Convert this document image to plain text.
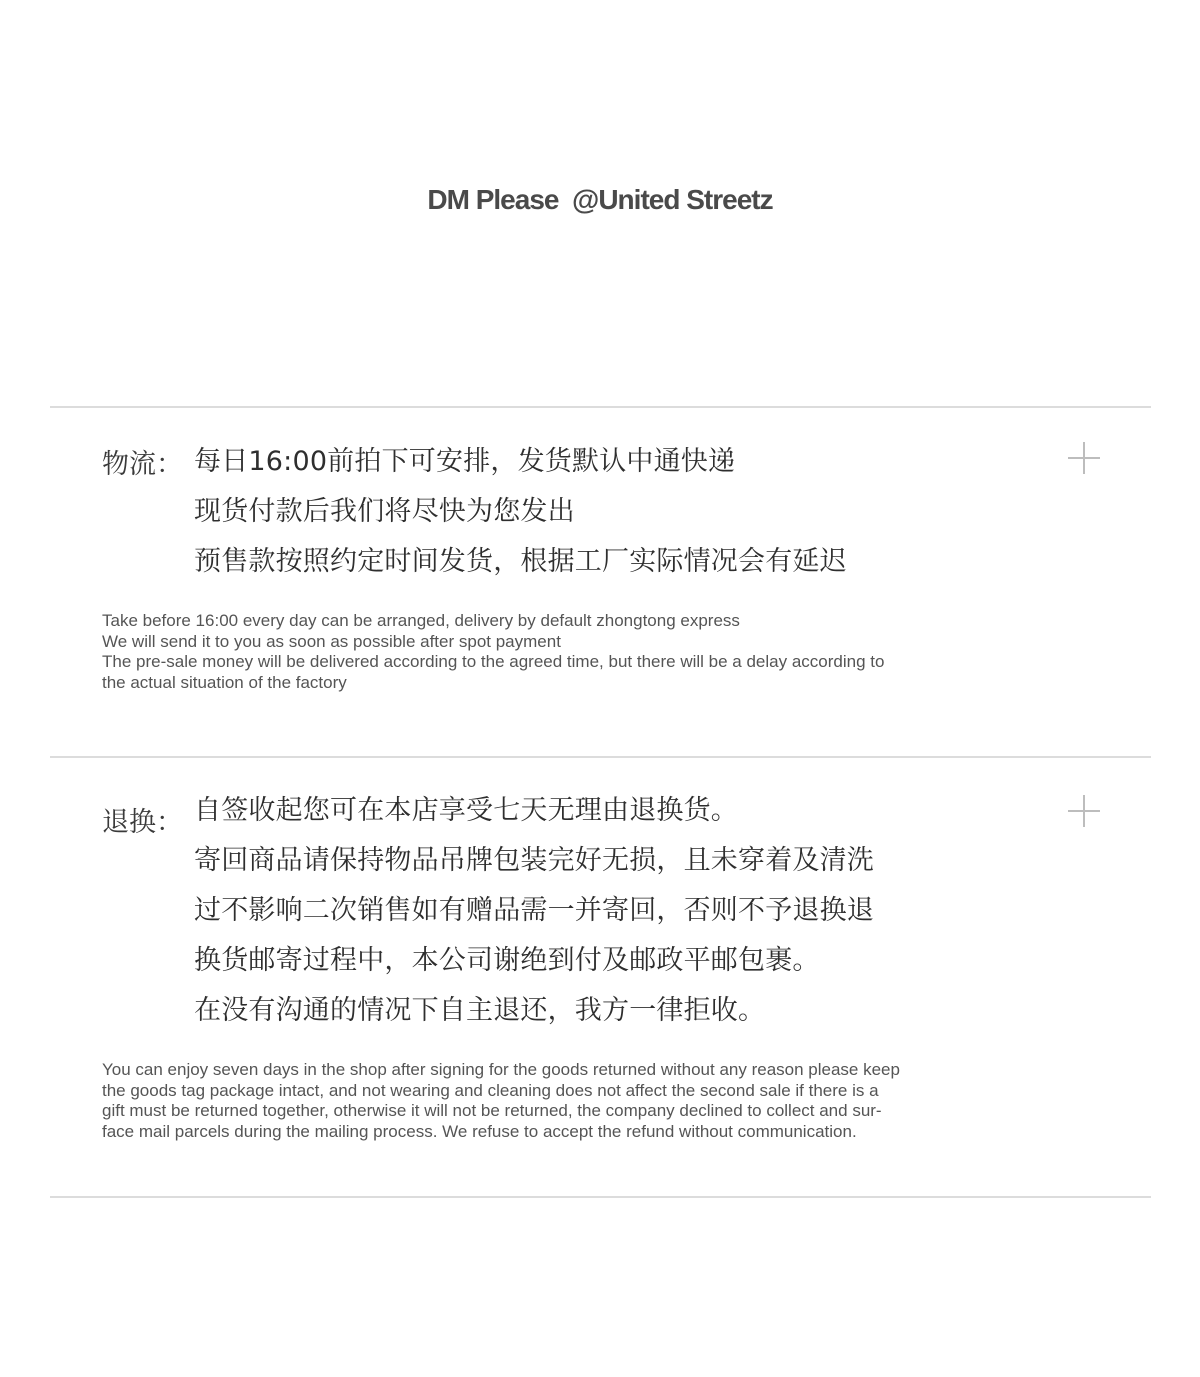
DM Please  @United Streetz
物流： 每日16:00前拍下可安排，发货默认中通快递
现货付款后我们将尽快为您发出
预售款按照约定时间发货，根据工厂实际情况会有延迟
Take before 16:00 every day can be arranged, delivery by default zhongtong express
We will send it to you as soon as possible after spot payment
The pre-sale money will be delivered according to the agreed time, but there will be a delay according to
the actual situation of the factory
退换： 自签收起您可在本店享受七天无理由退换货。
寄回商品请保持物品吊牌包装完好无损，且未穿着及清洗
过不影响二次销售如有赠品需一并寄回，否则不予退换退
换货邮寄过程中，本公司谢绝到付及邮政平邮包裹。
在没有沟通的情况下自主退还，我方一律拒收。
You can enjoy seven days in the shop after signing for the goods returned without any reason please keep
the goods tag package intact, and not wearing and cleaning does not affect the second sale if there is a
gift must be returned together, otherwise it will not be returned, the company declined to collect and sur-
face mail parcels during the mailing process. We refuse to accept the refund without communication.
